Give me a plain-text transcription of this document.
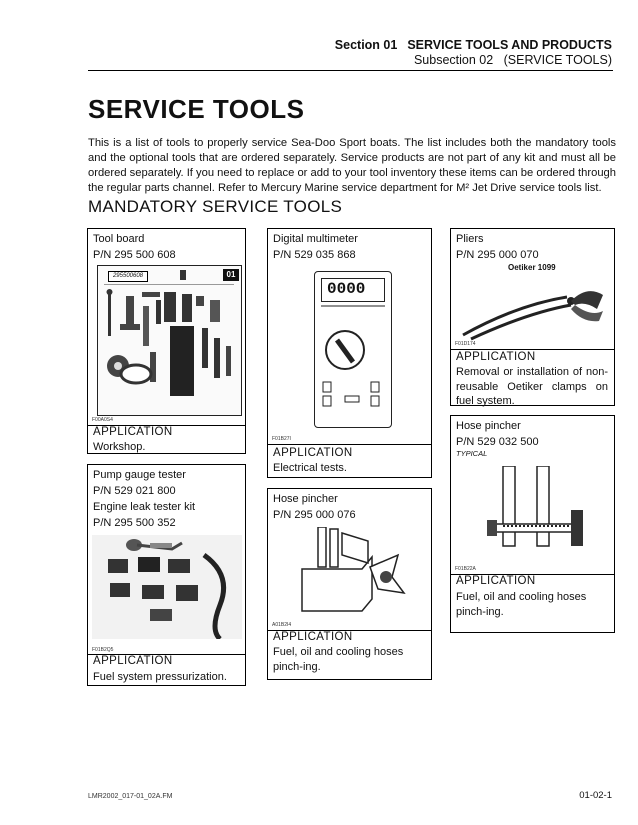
Section 01 SERVICE TOOLS AND PRODUCTS
Subsection 02 (SERVICE TOOLS)
SERVICE TOOLS
This is a list of tools to properly service Sea-Doo Sport boats. The list includes both the mandatory tools and the optional tools that are ordered separately. Service products are not part of any kit and must all be ordered separately. If you need to replace or add to your tool inventory these items can be ordered through the regular parts channel. Refer to Mercury Marine service department for M² Jet Drive service tools list.
MANDATORY SERVICE TOOLS
Tool board
P/N 295 500 608
295500608	01
F00A0S4
APPLICATION
Workshop.
Pump gauge tester
P/N 529 021 800
Engine leak tester kit
P/N 295 500 352
F01B2Q5
APPLICATION
Fuel system pressurization.
Digital multimeter
P/N 529 035 868
0000
F01B27I
APPLICATION
Electrical tests.
Hose pincher
P/N 295 000 076
A01B2I4
APPLICATION
Fuel, oil and cooling hoses pinch-ing.
Pliers
P/N 295 000 070
Oetiker 1099
F01D174
APPLICATION
Removal or installation of non-reusable Oetiker clamps on fuel system.
Hose pincher
P/N 529 032 500
TYPICAL
F01B22A
APPLICATION
Fuel, oil and cooling hoses pinch-ing.
LMR2002_017-01_02A.FM	01-02-1
